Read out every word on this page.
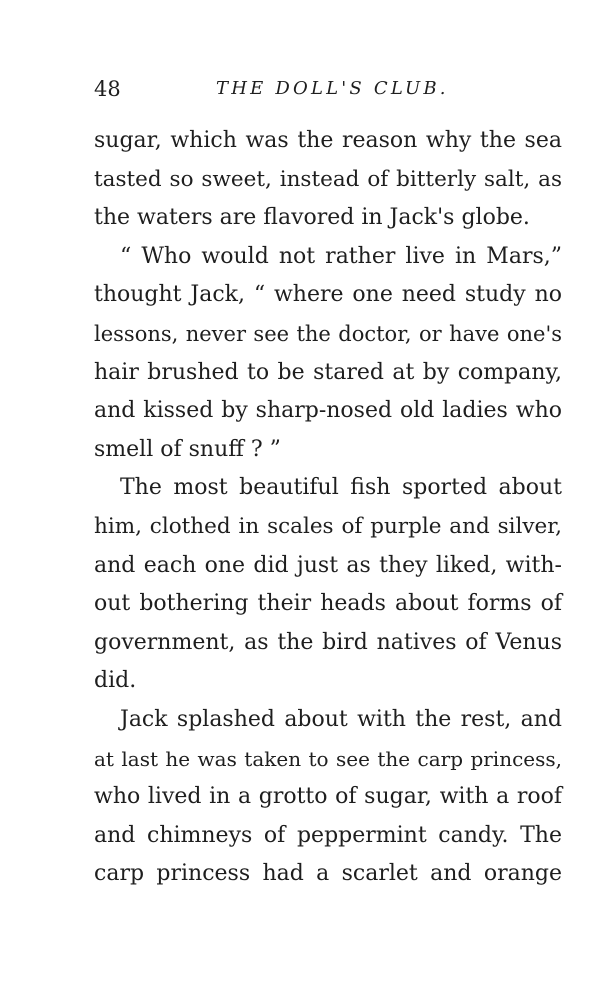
48	THE DOLL'S CLUB.

sugar, which was the reason why the sea
tasted so sweet, instead of bitterly salt, as
the waters are flavored in Jack's globe.

“ Who would not rather live in Mars,”
thought Jack, “ where one need study no
lessons, never see the doctor, or have one's
hair brushed to be stared at by company,
and kissed by sharp-nosed old ladies who
smell of snuff ? ”

The most beautiful fish sported about
him, clothed in scales of purple and silver,
and each one did just as they liked, with-
out bothering their heads about forms of
government, as the bird natives of Venus
did.

Jack splashed about with the rest, and
at last he was taken to see the carp princess,
who lived in a grotto of sugar, with a roof
and chimneys of peppermint candy. The
carp princess had a scarlet and orange
